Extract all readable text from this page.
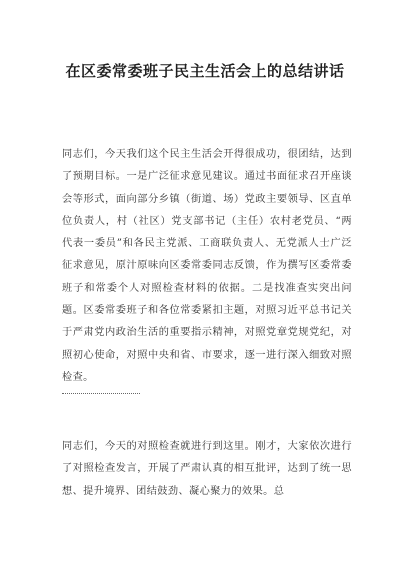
在区委常委班子民主生活会上的总结讲话

同志们，今天我们这个民主生活会开得很成功，很团结，达到了预期目标。一是广泛征求意见建议。通过书面征求召开座谈会等形式，面向部分乡镇（街道、场）党政主要领导、区直单位负责人，村（社区）党支部书记（主任）农村老党员、“两代表一委员”和各民主党派、工商联负责人、无党派人士广泛征求意见，原汁原味向区委常委同志反馈，作为撰写区委常委班子和常委个人对照检查材料的依据。二是找准查实突出问题。区委常委班子和各位常委紧扣主题，对照习近平总书记关于严肃党内政治生活的重要指示精神，对照党章党规党纪，对照初心使命，对照中央和省、市要求，逐一进行深入细致对照检查。

同志们，今天的对照检查就进行到这里。刚才，大家依次进行了对照检查发言，开展了严肃认真的相互批评，达到了统一思想、提升境界、团结鼓劲、凝心聚力的效果。总
